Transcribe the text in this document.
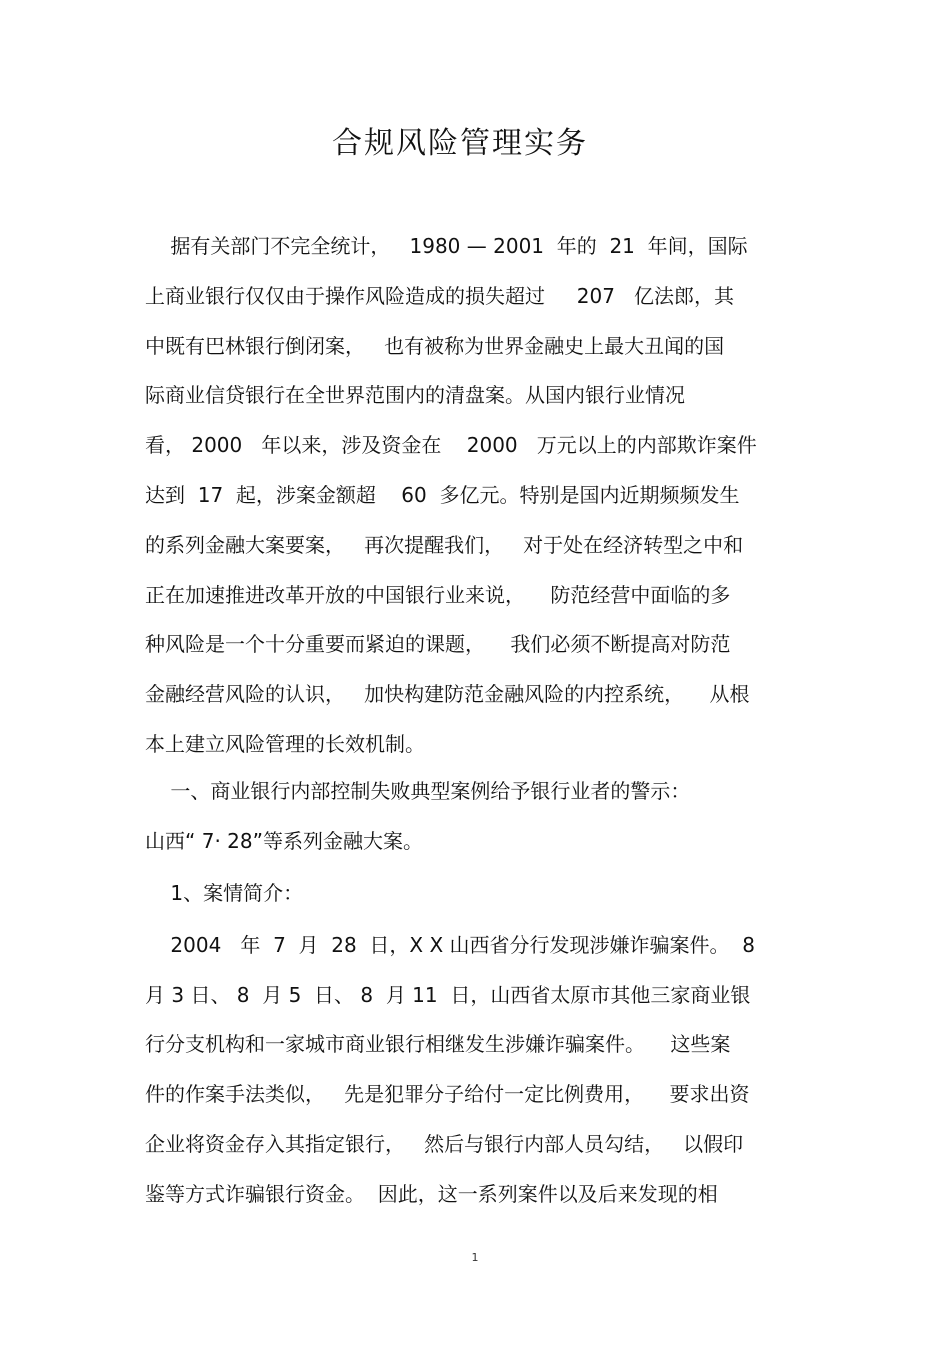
合规风险管理实务
据有关部门不完全统计，   1980 — 2001  年的  21  年间，国际
上商业银行仅仅由于操作风险造成的损失超过     207   亿法郎，其
中既有巴林银行倒闭案，   也有被称为世界金融史上最大丑闻的国
际商业信贷银行在全世界范围内的清盘案。从国内银行业情况
看， 2000   年以来，涉及资金在    2000   万元以上的内部欺诈案件
达到  17  起，涉案金额超    60  多亿元。特别是国内近期频频发生
的系列金融大案要案，   再次提醒我们，   对于处在经济转型之中和
正在加速推进改革开放的中国银行业来说，    防范经营中面临的多
种风险是一个十分重要而紧迫的课题，    我们必须不断提高对防范
金融经营风险的认识，   加快构建防范金融风险的内控系统，    从根
本上建立风险管理的长效机制。
一、商业银行内部控制失败典型案例给予银行业者的警示：
山西“ 7· 28”等系列金融大案。
1、案情简介：
2004   年  7  月  28  日，X X 山西省分行发现涉嫌诈骗案件。  8
月 3 日、 8  月 5  日、 8  月 11  日，山西省太原市其他三家商业银
行分支机构和一家城市商业银行相继发生涉嫌诈骗案件。    这些案
件的作案手法类似，   先是犯罪分子给付一定比例费用，    要求出资
企业将资金存入其指定银行，   然后与银行内部人员勾结，   以假印
鉴等方式诈骗银行资金。  因此，这一系列案件以及后来发现的相
1
